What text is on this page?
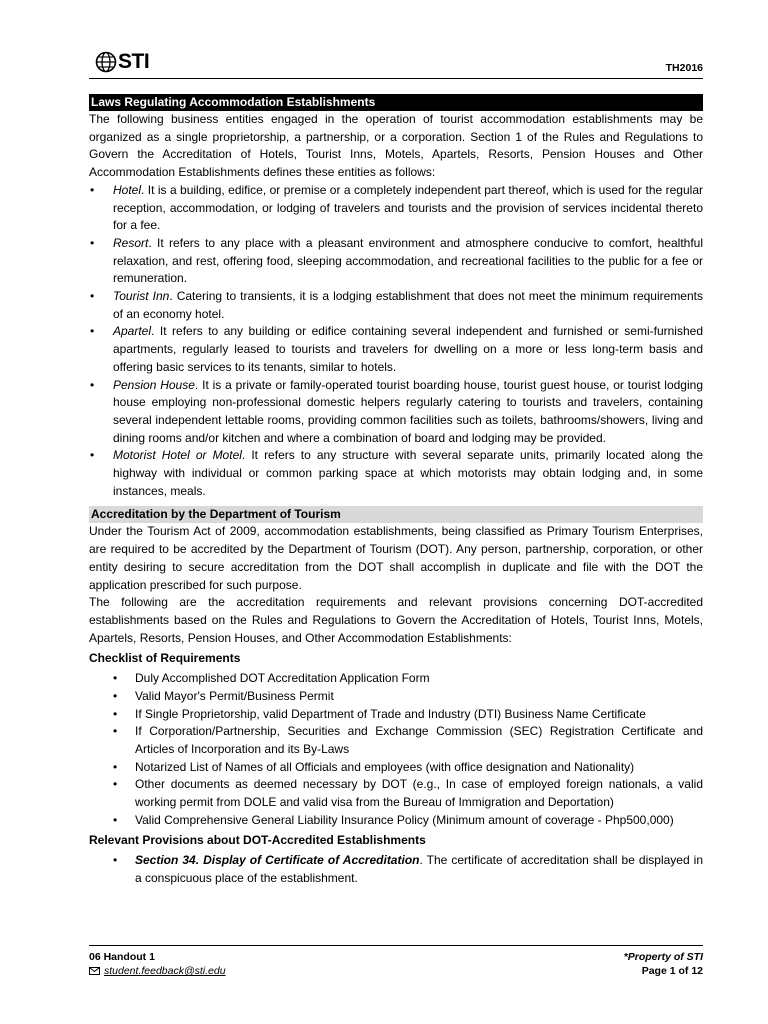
STI	TH2016
Laws Regulating Accommodation Establishments

The following business entities engaged in the operation of tourist accommodation establishments may be organized as a single proprietorship, a partnership, or a corporation. Section 1 of the Rules and Regulations to Govern the Accreditation of Hotels, Tourist Inns, Motels, Apartels, Resorts, Pension Houses and Other Accommodation Establishments defines these entities as follows:

• Hotel. It is a building, edifice, or premise or a completely independent part thereof, which is used for the regular reception, accommodation, or lodging of travelers and tourists and the provision of services incidental thereto for a fee.
• Resort. It refers to any place with a pleasant environment and atmosphere conducive to comfort, healthful relaxation, and rest, offering food, sleeping accommodation, and recreational facilities to the public for a fee or remuneration.
• Tourist Inn. Catering to transients, it is a lodging establishment that does not meet the minimum requirements of an economy hotel.
• Apartel. It refers to any building or edifice containing several independent and furnished or semi-furnished apartments, regularly leased to tourists and travelers for dwelling on a more or less long-term basis and offering basic services to its tenants, similar to hotels.
• Pension House. It is a private or family-operated tourist boarding house, tourist guest house, or tourist lodging house employing non-professional domestic helpers regularly catering to tourists and travelers, containing several independent lettable rooms, providing common facilities such as toilets, bathrooms/showers, living and dining rooms and/or kitchen and where a combination of board and lodging may be provided.
• Motorist Hotel or Motel. It refers to any structure with several separate units, primarily located along the highway with individual or common parking space at which motorists may obtain lodging and, in some instances, meals.
Accreditation by the Department of Tourism

Under the Tourism Act of 2009, accommodation establishments, being classified as Primary Tourism Enterprises, are required to be accredited by the Department of Tourism (DOT). Any person, partnership, corporation, or other entity desiring to secure accreditation from the DOT shall accomplish in duplicate and file with the DOT the application prescribed for such purpose.

The following are the accreditation requirements and relevant provisions concerning DOT-accredited establishments based on the Rules and Regulations to Govern the Accreditation of Hotels, Tourist Inns, Motels, Apartels, Resorts, Pension Houses, and Other Accommodation Establishments:

Checklist of Requirements
• Duly Accomplished DOT Accreditation Application Form
• Valid Mayor's Permit/Business Permit
• If Single Proprietorship, valid Department of Trade and Industry (DTI) Business Name Certificate
• If Corporation/Partnership, Securities and Exchange Commission (SEC) Registration Certificate and Articles of Incorporation and its By-Laws
• Notarized List of Names of all Officials and employees (with office designation and Nationality)
• Other documents as deemed necessary by DOT (e.g., In case of employed foreign nationals, a valid working permit from DOLE and valid visa from the Bureau of Immigration and Deportation)
• Valid Comprehensive General Liability Insurance Policy (Minimum amount of coverage - Php500,000)
Relevant Provisions about DOT-Accredited Establishments
• Section 34. Display of Certificate of Accreditation. The certificate of accreditation shall be displayed in a conspicuous place of the establishment.
06 Handout 1
student.feedback@sti.edu
*Property of STI
Page 1 of 12
